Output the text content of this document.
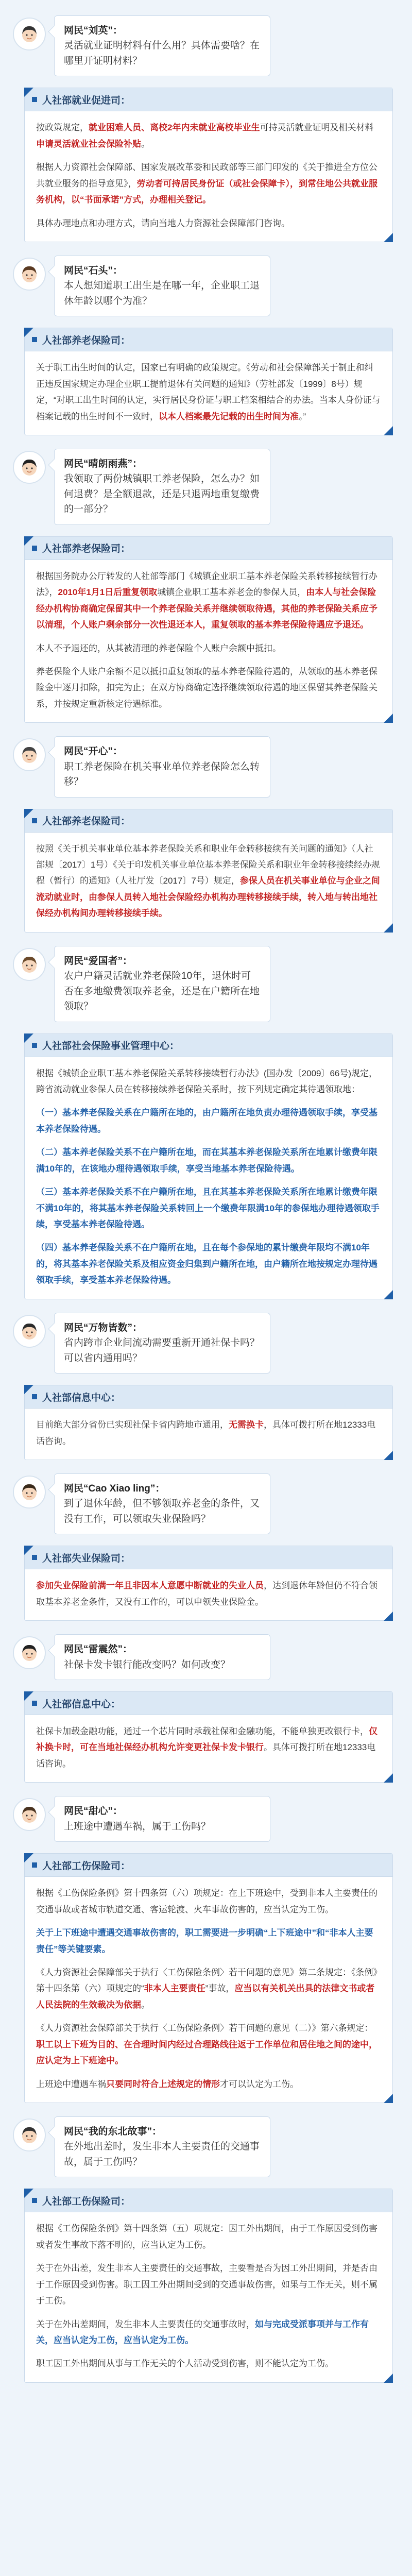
网民“刘英”：
灵活就业证明材料有什么用？具体需要啥？在哪里开证明材料？
人社部就业促进司：

按政策规定，就业困难人员、离校2年内未就业高校毕业生可持灵活就业证明及相关材料申请灵活就业社会保险补贴。

根据人力资源社会保障部、国家发展改革委和民政部等三部门印发的《关于推进全方位公共就业服务的指导意见》，劳动者可持居民身份证（或社会保障卡），到常住地公共就业服务机构，以“书面承诺”方式，办理相关登记。

具体办理地点和办理方式，请向当地人力资源社会保障部门咨询。

网民“石头”：
本人想知道职工出生是在哪一年，企业职工退休年龄以哪个为准？
人社部养老保险司：

关于职工出生时间的认定，国家已有明确的政策规定。《劳动和社会保障部关于制止和纠正违反国家规定办理企业职工提前退休有关问题的通知》（劳社部发〔1999〕8号）规定，“对职工出生时间的认定，实行居民身份证与职工档案相结合的办法。当本人身份证与档案记载的出生时间不一致时，以本人档案最先记载的出生时间为准。”

网民“晴朗雨燕”：
我领取了两份城镇职工养老保险，怎么办？如何退费？是全额退款，还是只退两地重复缴费的一部分？
人社部养老保险司：

根据国务院办公厅转发的人社部等部门《城镇企业职工基本养老保险关系转移接续暂行办法》，2010年1月1日后重复领取城镇企业职工基本养老金的参保人员，由本人与社会保险经办机构协商确定保留其中一个养老保险关系并继续领取待遇，其他的养老保险关系应予以清理，个人账户剩余部分一次性退还本人，重复领取的基本养老保险待遇应予退还。

本人不予退还的，从其被清理的养老保险个人账户余额中抵扣。

养老保险个人账户余额不足以抵扣重复领取的基本养老保险待遇的，从领取的基本养老保险金中逐月扣除，扣完为止；在双方协商确定选择继续领取待遇的地区保留其养老保险关系，并按规定重新核定待遇标准。

网民“开心”：
职工养老保险在机关事业单位养老保险怎么转移？
人社部养老保险司：

按照《关于机关事业单位基本养老保险关系和职业年金转移接续有关问题的通知》（人社部规〔2017〕1号）《关于印发机关事业单位基本养老保险关系和职业年金转移接续经办规程（暂行）的通知》（人社厅发〔2017〕7号）规定，参保人员在机关事业单位与企业之间流动就业时，由参保人员转入地社会保险经办机构办理转移接续手续，转入地与转出地社保经办机构间办理转移接续手续。

网民“爱国者”：
农户户籍灵活就业养老保险10年，退休时可否在多地缴费领取养老金，还是在户籍所在地领取？
人社部社会保险事业管理中心：

根据《城镇企业职工基本养老保险关系转移接续暂行办法》(国办发〔2009〕66号)规定，跨省流动就业参保人员在转移接续养老保险关系时，按下列规定确定其待遇领取地：

（一）基本养老保险关系在户籍所在地的，由户籍所在地负责办理待遇领取手续，享受基本养老保险待遇。

（二）基本养老保险关系不在户籍所在地，而在其基本养老保险关系所在地累计缴费年限满10年的，在该地办理待遇领取手续，享受当地基本养老保险待遇。

（三）基本养老保险关系不在户籍所在地，且在其基本养老保险关系所在地累计缴费年限不满10年的，将其基本养老保险关系转回上一个缴费年限满10年的参保地办理待遇领取手续，享受基本养老保险待遇。

（四）基本养老保险关系不在户籍所在地，且在每个参保地的累计缴费年限均不满10年的，将其基本养老保险关系及相应资金归集到户籍所在地，由户籍所在地按规定办理待遇领取手续，享受基本养老保险待遇。

网民“万物皆数”：
省内跨市企业间流动需要重新开通社保卡吗？可以省内通用吗？
人社部信息中心：

目前绝大部分省份已实现社保卡省内跨地市通用，无需换卡，具体可拨打所在地12333电话咨询。

网民“Cao Xiao ling”：
到了退休年龄，但不够领取养老金的条件，又没有工作，可以领取失业保险吗？
人社部失业保险司：

参加失业保险前满一年且非因本人意愿中断就业的失业人员，达到退休年龄但仍不符合领取基本养老金条件，又没有工作的，可以申领失业保险金。

网民“雷震然”：
社保卡发卡银行能改变吗？如何改变？
人社部信息中心：

社保卡加载金融功能，通过一个芯片同时承载社保和金融功能，不能单独更改银行卡，仅补换卡时，可在当地社保经办机构允许变更社保卡发卡银行。具体可拨打所在地12333电话咨询。

网民“甜心”：
上班途中遭遇车祸，属于工伤吗？
人社部工伤保险司：

根据《工伤保险条例》第十四条第（六）项规定：在上下班途中，受到非本人主要责任的交通事故或者城市轨道交通、客运轮渡、火车事故伤害的，应当认定为工伤。

关于上下班途中遭遇交通事故伤害的，职工需要进一步明确“上下班途中”和“非本人主要责任”等关键要素。

《人力资源社会保障部关于执行〈工伤保险条例〉若干问题的意见》第二条规定：《条例》第十四条第（六）项规定的“非本人主要责任”事故，应当以有关机关出具的法律文书或者人民法院的生效裁决为依据。

《人力资源社会保障部关于执行〈工伤保险条例〉若干问题的意见（二）》第六条规定：职工以上下班为目的、在合理时间内经过合理路线往返于工作单位和居住地之间的途中，应认定为上下班途中。

上班途中遭遇车祸只要同时符合上述规定的情形才可以认定为工伤。

网民“我的东北故事”：
在外地出差时，发生非本人主要责任的交通事故，属于工伤吗？
人社部工伤保险司：

根据《工伤保险条例》第十四条第（五）项规定：因工外出期间，由于工作原因受到伤害或者发生事故下落不明的，应当认定为工伤。

关于在外出差，发生非本人主要责任的交通事故，主要看是否为因工外出期间，并是否由于工作原因受到伤害。职工因工外出期间受到的交通事故伤害，如果与工作无关，则不属于工伤。

关于在外出差期间，发生非本人主要责任的交通事故时，如与完成受派事项并与工作有关，应当认定为工伤，应当认定为工伤。

职工因工外出期间从事与工作无关的个人活动受到伤害，则不能认定为工伤。
